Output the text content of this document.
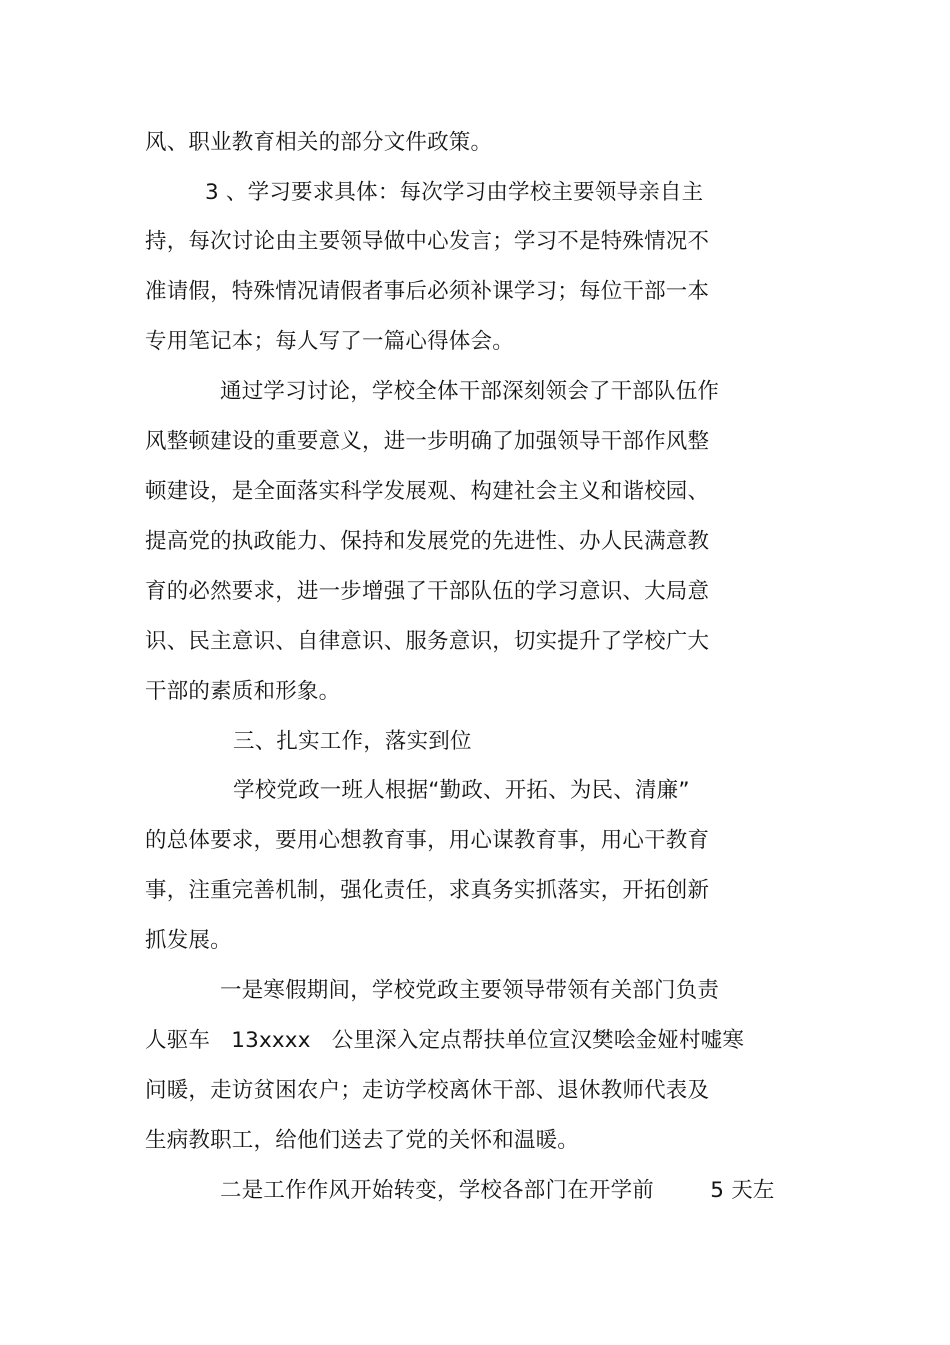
风、职业教育相关的部分文件政策。
3 、学习要求具体：每次学习由学校主要领导亲自主
持，每次讨论由主要领导做中心发言；学习不是特殊情况不
准请假，特殊情况请假者事后必须补课学习；每位干部一本
专用笔记本；每人写了一篇心得体会。
通过学习讨论，学校全体干部深刻领会了干部队伍作
风整顿建设的重要意义，进一步明确了加强领导干部作风整
顿建设，是全面落实科学发展观、构建社会主义和谐校园、
提高党的执政能力、保持和发展党的先进性、办人民满意教
育的必然要求，进一步增强了干部队伍的学习意识、大局意
识、民主意识、自律意识、服务意识，切实提升了学校广大
干部的素质和形象。
三、扎实工作，落实到位
学校党政一班人根据“勤政、开拓、为民、清廉”
的总体要求，要用心想教育事，用心谋教育事，用心干教育
事，注重完善机制，强化责任，求真务实抓落实，开拓创新
抓发展。
一是寒假期间，学校党政主要领导带领有关部门负责
人驱车   13xxxx   公里深入定点帮扶单位宣汉樊哙金娅村嘘寒
问暖，走访贫困农户；走访学校离休干部、退休教师代表及
生病教职工，给他们送去了党的关怀和温暖。
二是工作作风开始转变，学校各部门在开学前        5 天左
